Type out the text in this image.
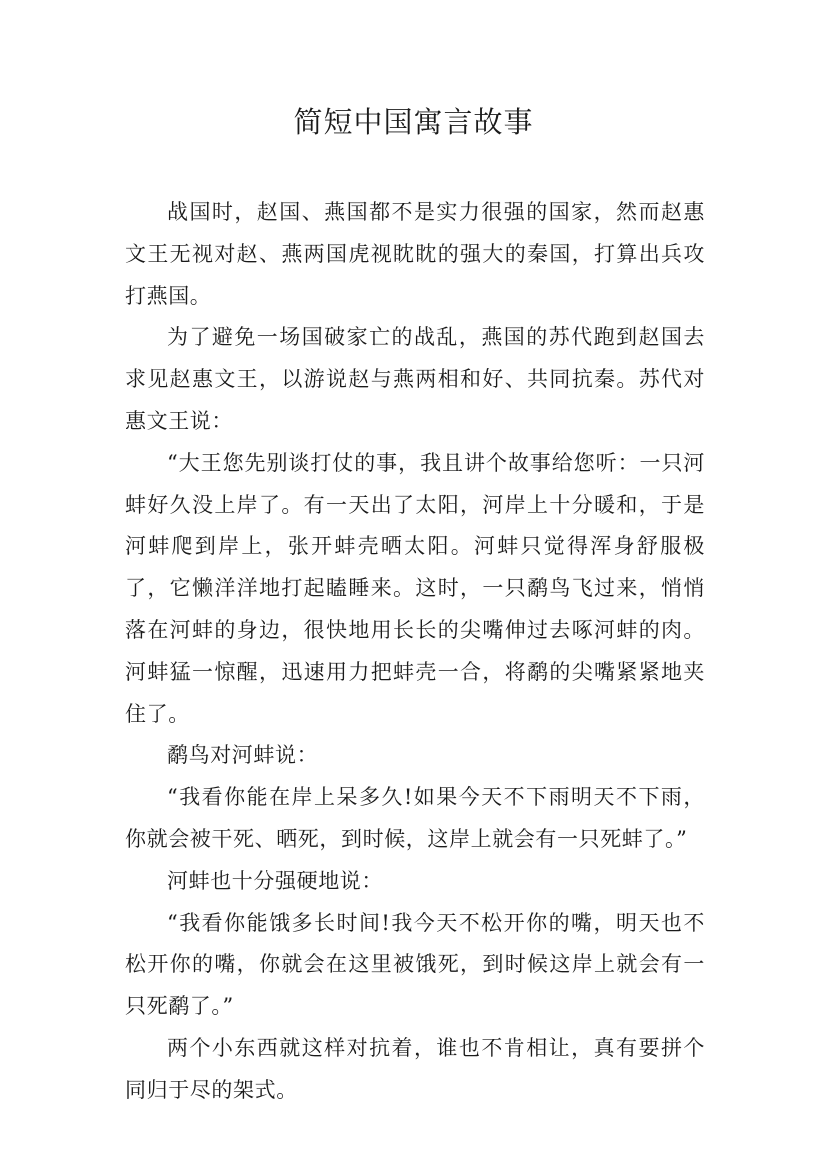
简短中国寓言故事

战国时，赵国、燕国都不是实力很强的国家，然而赵惠文王无视对赵、燕两国虎视眈眈的强大的秦国，打算出兵攻打燕国。

为了避免一场国破家亡的战乱，燕国的苏代跑到赵国去求见赵惠文王，以游说赵与燕两相和好、共同抗秦。苏代对惠文王说：

“大王您先别谈打仗的事，我且讲个故事给您听：一只河蚌好久没上岸了。有一天出了太阳，河岸上十分暖和，于是河蚌爬到岸上，张开蚌壳晒太阳。河蚌只觉得浑身舒服极了，它懒洋洋地打起瞌睡来。这时，一只鹬鸟飞过来，悄悄落在河蚌的身边，很快地用长长的尖嘴伸过去啄河蚌的肉。河蚌猛一惊醒，迅速用力把蚌壳一合，将鹬的尖嘴紧紧地夹住了。

鹬鸟对河蚌说：

“我看你能在岸上呆多久!如果今天不下雨明天不下雨，你就会被干死、晒死，到时候，这岸上就会有一只死蚌了。”

河蚌也十分强硬地说：

“我看你能饿多长时间!我今天不松开你的嘴，明天也不松开你的嘴，你就会在这里被饿死，到时候这岸上就会有一只死鹬了。”

两个小东西就这样对抗着，谁也不肯相让，真有要拼个同归于尽的架式。
